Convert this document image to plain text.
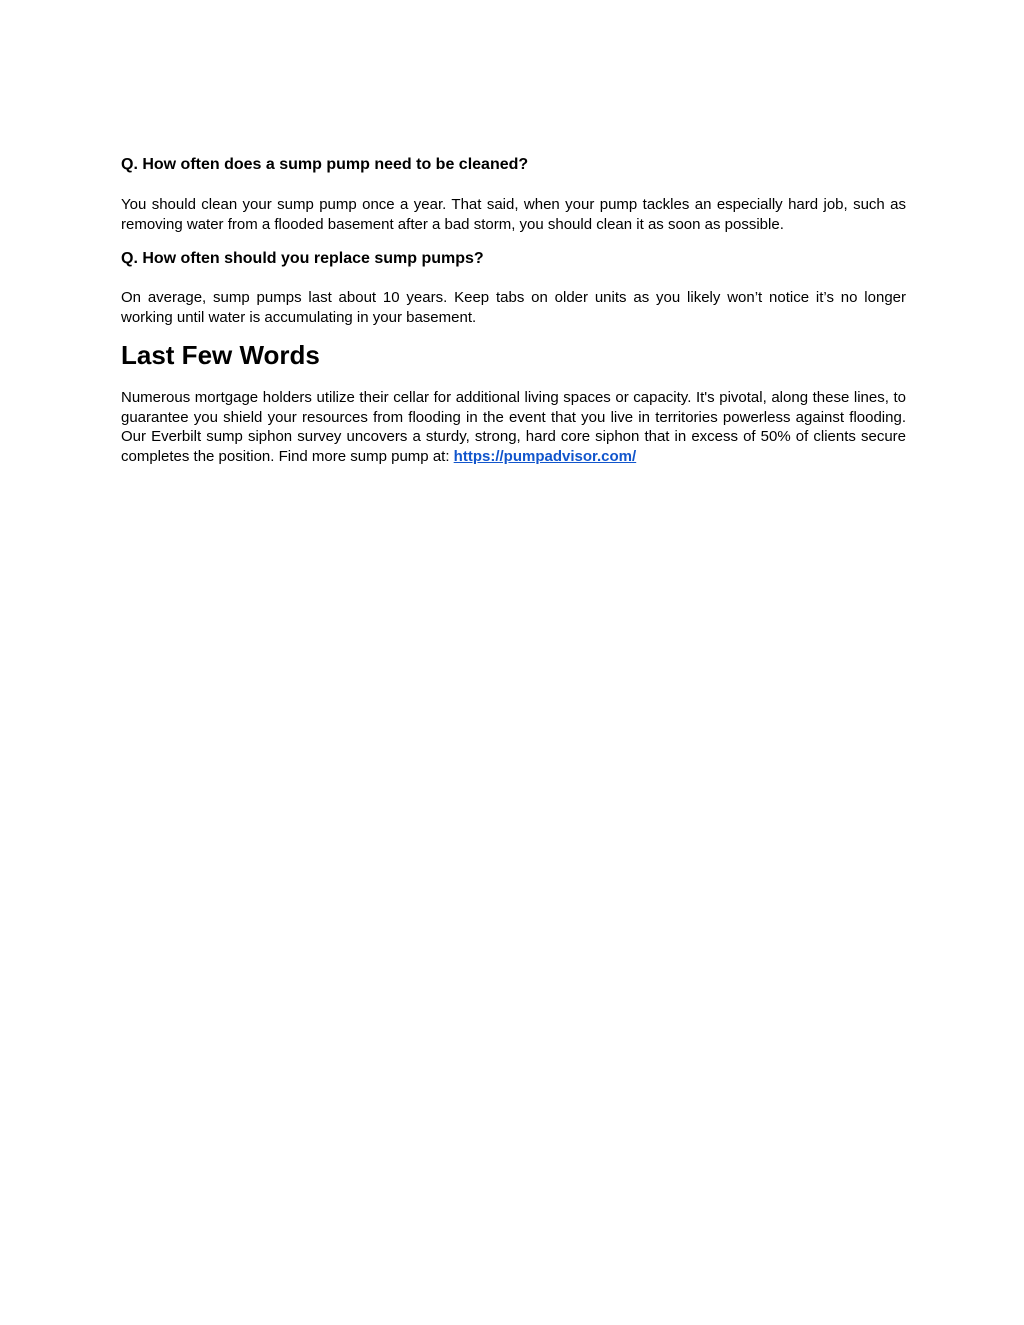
Q. How often does a sump pump need to be cleaned?

You should clean your sump pump once a year. That said, when your pump tackles an especially hard job, such as removing water from a flooded basement after a bad storm, you should clean it as soon as possible.

Q. How often should you replace sump pumps?

On average, sump pumps last about 10 years. Keep tabs on older units as you likely won’t notice it’s no longer working until water is accumulating in your basement.

Last Few Words

Numerous mortgage holders utilize their cellar for additional living spaces or capacity. It's pivotal, along these lines, to guarantee you shield your resources from flooding in the event that you live in territories powerless against flooding. Our Everbilt sump siphon survey uncovers a sturdy, strong, hard core siphon that in excess of 50% of clients secure completes the position. Find more sump pump at: https://pumpadvisor.com/
